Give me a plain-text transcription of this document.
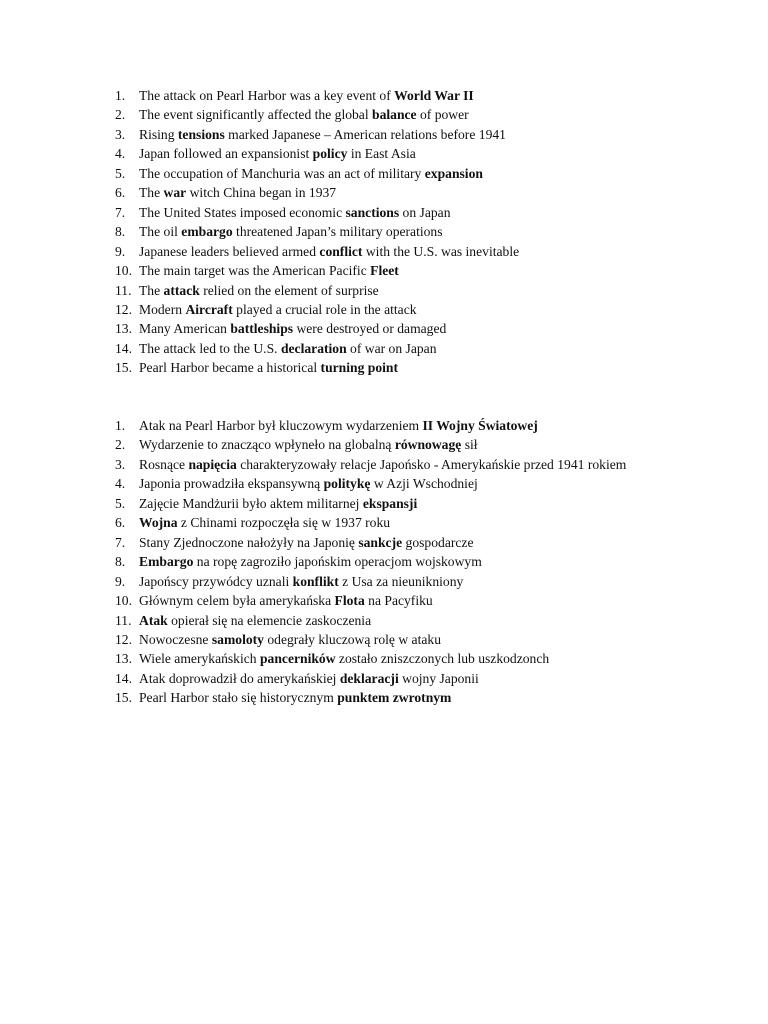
1. The attack on Pearl Harbor was a key event of World War II
2. The event significantly affected the global balance of power
3. Rising tensions marked Japanese – American relations before 1941
4. Japan followed an expansionist policy in East Asia
5. The occupation of Manchuria was an act of military expansion
6. The war witch China began in 1937
7. The United States imposed economic sanctions on Japan
8. The oil embargo threatened Japan’s military operations
9. Japanese leaders believed armed conflict with the U.S. was inevitable
10. The main target was the American Pacific Fleet
11. The attack relied on the element of surprise
12. Modern Aircraft played a crucial role in the attack
13. Many American battleships were destroyed or damaged
14. The attack led to the U.S. declaration of war on Japan
15. Pearl Harbor became a historical turning point
1. Atak na Pearl Harbor był kluczowym wydarzeniem II Wojny Światowej
2. Wydarzenie to znacząco wpłyneło na globalną równowagę sił
3. Rosnące napięcia charakteryzowały relacje Japońsko - Amerykańskie przed 1941 rokiem
4. Japonia prowadziła ekspansywną politykę w Azji Wschodniej
5. Zajęcie Mandżurii było aktem militarnej ekspansji
6. Wojna z Chinami rozpoczęła się w 1937 roku
7. Stany Zjednoczone nałożyły na Japonię sankcje gospodarcze
8. Embargo na ropę zagroziło japońskim operacjom wojskowym
9. Japońscy przywódcy uznali konflikt z Usa za nieunikniony
10. Głównym celem była amerykańska Flota na Pacyfiku
11. Atak opierał się na elemencie zaskoczenia
12. Nowoczesne samoloty odegrały kluczową rolę w ataku
13. Wiele amerykańskich pancerników zostało zniszczonych lub uszkodzonch
14. Atak doprowadził do amerykańskiej deklaracji wojny Japonii
15. Pearl Harbor stało się historycznym punktem zwrotnym
